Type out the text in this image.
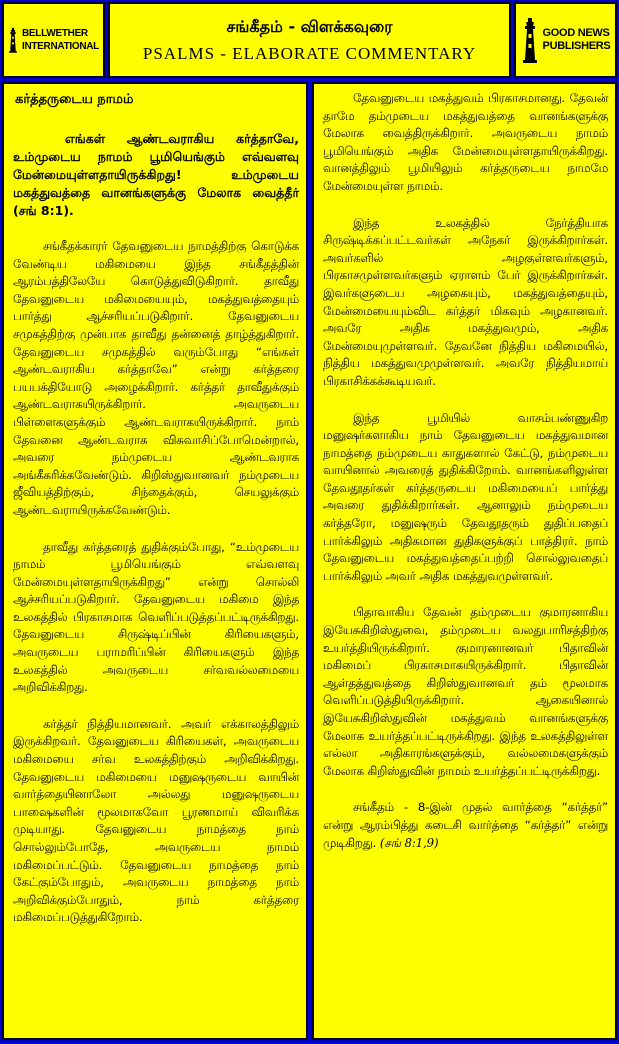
BELLWETHER
INTERNATIONAL
சங்கீதம் - விளக்கவுரை
PSALMS - ELABORATE COMMENTARY
GOOD NEWS
PUBLISHERS
கர்த்தருடைய நாமம்

எங்கள் ஆண்டவராகிய கர்த்தாவே, உம்முடைய நாமம் பூமியெங்கும் எவ்வளவு மேன்மையுள்ளதாயிருக்கிறது! உம்முடைய மகத்துவத்தை வானங்களுக்கு மேலாக வைத்தீர் (சங் 8:1).

சங்கீதக்காரர் தேவனுடைய நாமத்திற்கு கொடுக்க வேண்டிய மகிமையை இந்த சங்கீதத்தின் ஆரம்பத்திலேயே கொடுத்துவிடுகிறார். தாவீது தேவனுடைய மகிமையையும், மகத்துவத்தையும் பார்த்து ஆச்சரியப்படுகிறார். தேவனுடைய சமுகத்திற்கு முன்பாக தாவீது தன்னைத் தாழ்த்துகிறார். தேவனுடைய சமுகத்தில் வரும்போது “எங்கள் ஆண்டவராகிய கர்த்தாவே” என்று கர்த்தரை பயபக்தியோடு அழைக்கிறார். கர்த்தர் தாவீதுக்கும் ஆண்டவராகயிருக்கிறார். அவருடைய பிள்ளைகளுக்கும் ஆண்டவராகயிருக்கிறார். நாம் தேவனை ஆண்டவராக விசுவாசிப்போமென்றால், அவரை நம்முடைய ஆண்டவராக அங்கீகரிக்கவேண்டும். கிறிஸ்துவானவர் நம்முடைய ஜீவியத்திற்கும், சிந்தைக்கும், செயலுக்கும் ஆண்டவராயிருக்கவேண்டும்.

தாவீது கர்த்தரைத் துதிக்கும்போது, “உம்முடைய நாமம் பூமியெங்கும் எவ்வளவு மேன்மையுள்ளதாயிருக்கிறது” என்று சொல்லி ஆச்சரியப்படுகிறார். தேவனுடைய மகிமை இந்த உலகத்தில் பிரகாசமாக வெளிப்படுத்தப்பட்டிருக்கிறது. தேவனுடைய சிருஷ்டிப்பின் கிரியைகளும், அவருடைய பராமரிப்பின் கிரியைகளும் இந்த உலகத்தில் அவருடைய சர்வவல்லமையை அறிவிக்கிறது.

கர்த்தர் நித்தியமானவர். அவர் எக்காலத்திலும் இருக்கிறவர். தேவனுடைய கிரியைகள், அவருடைய மகிமையை சர்வ உலகத்திற்கும் அறிவிக்கிறது. தேவனுடைய மகிமையை மனுஷருடைய வாயின் வார்த்தையினாலோ அல்லது மனுஷருடைய பாஷைகளின் மூலமாகவோ பூரணமாய் விவரிக்க முடியாது. தேவனுடைய நாமத்தை நாம் சொல்லும்போதே, அவருடைய நாமம் மகிமைப்பட்டும். தேவனுடைய நாமத்தை நாம் கேட்கும்போதும், அவருடைய நாமத்தை நாம் அறிவிக்கும்போதும், நாம் கர்த்தரை மகிமைப்படுத்துகிறோம்.

தேவனுடைய மகத்துவம் பிரகாசமானது. தேவன் தாமே தம்முடைய மகத்துவத்தை வானங்களுக்கு மேலாக வைத்திருக்கிறார். அவருடைய நாமம் பூமியெங்கும் அதிக மேன்மையுள்ளதாயிருக்கிறது. வானத்திலும் பூமியிலும் கர்த்தருடைய நாமமே மேன்மையுள்ள நாமம்.

இந்த உலகத்தில் நேர்த்தியாக சிருஷ்டிக்கப்பட்டவர்கள் அநேகர் இருக்கிறார்கள். அவர்களில் அழகுள்ளவர்களும், பிரகாசமுள்ளவர்களும் ஏராளம் பேர் இருக்கிறார்கள். இவர்களுடைய அழகையும், மகத்துவத்தையும், மேன்மையையும்விட கர்த்தர் மிகவும் அழகானவர். அவரே அதிக மகத்துவமும், அதிக மேன்மையுமுள்ளவர். தேவனே நித்திய மகிமையில், நித்திய மகத்துவமுமுள்ளவர். அவரே நித்தியமாய் பிரகாசிக்கக்கூடியவர்.

இந்த பூமியில் வாசம்பண்ணுகிற மனுஷர்களாகிய நாம் தேவனுடைய மகத்துவமான நாமத்தை நம்முடைய காதுகளால் கேட்டு, நம்முடைய வாயினால் அவரைத் துதிக்கிறோம். வானங்களிலுள்ள தேவதூதர்கள் கர்த்தருடைய மகிமையைப் பார்த்து அவரை துதிக்கிறார்கள். ஆனாலும் நம்முடைய கர்த்தரோ, மனுஷரும் தேவதூதரும் துதிப்பதைப் பார்க்கிலும் அதிகமான துதிகளுக்குப் பாத்திரர். நாம் தேவனுடைய மகத்துவத்தைப்பற்றி சொல்லுவதைப் பார்க்கிலும் அவர் அதிக மகத்துவமுள்ளவர்.

பிதாவாகிய தேவன் தம்முடைய குமாரனாகிய இயேசுகிறிஸ்துவை, தம்முடைய வலதுபாரிசத்திற்கு உயர்த்தியிருக்கிறார். குமாரனானவர் பிதாவின் மகிமைப் பிரகாசமாகயிருக்கிறார். பிதாவின் ஆள்தத்துவத்தை கிறிஸ்துவானவர் தம் மூலமாக வெளிப்படுத்தியிருக்கிறார். ஆகையினால் இயேசுகிறிஸ்துவின் மகத்துவம் வானங்களுக்கு மேலாக உயர்த்தப்பட்டிருக்கிறது. இந்த உலகத்திலுள்ள எல்லா அதிகாரங்களுக்கும், வல்லமைகளுக்கும் மேலாக கிறிஸ்துவின் நாமம் உயர்த்தப்பட்டிருக்கிறது.

சங்கீதம் - 8-இன் முதல் வார்த்தை “கர்த்தர்” என்று ஆரம்பித்து கடைசி வார்த்தை “கர்த்தர்” என்று முடிகிறது. (சங் 8:1,9)
